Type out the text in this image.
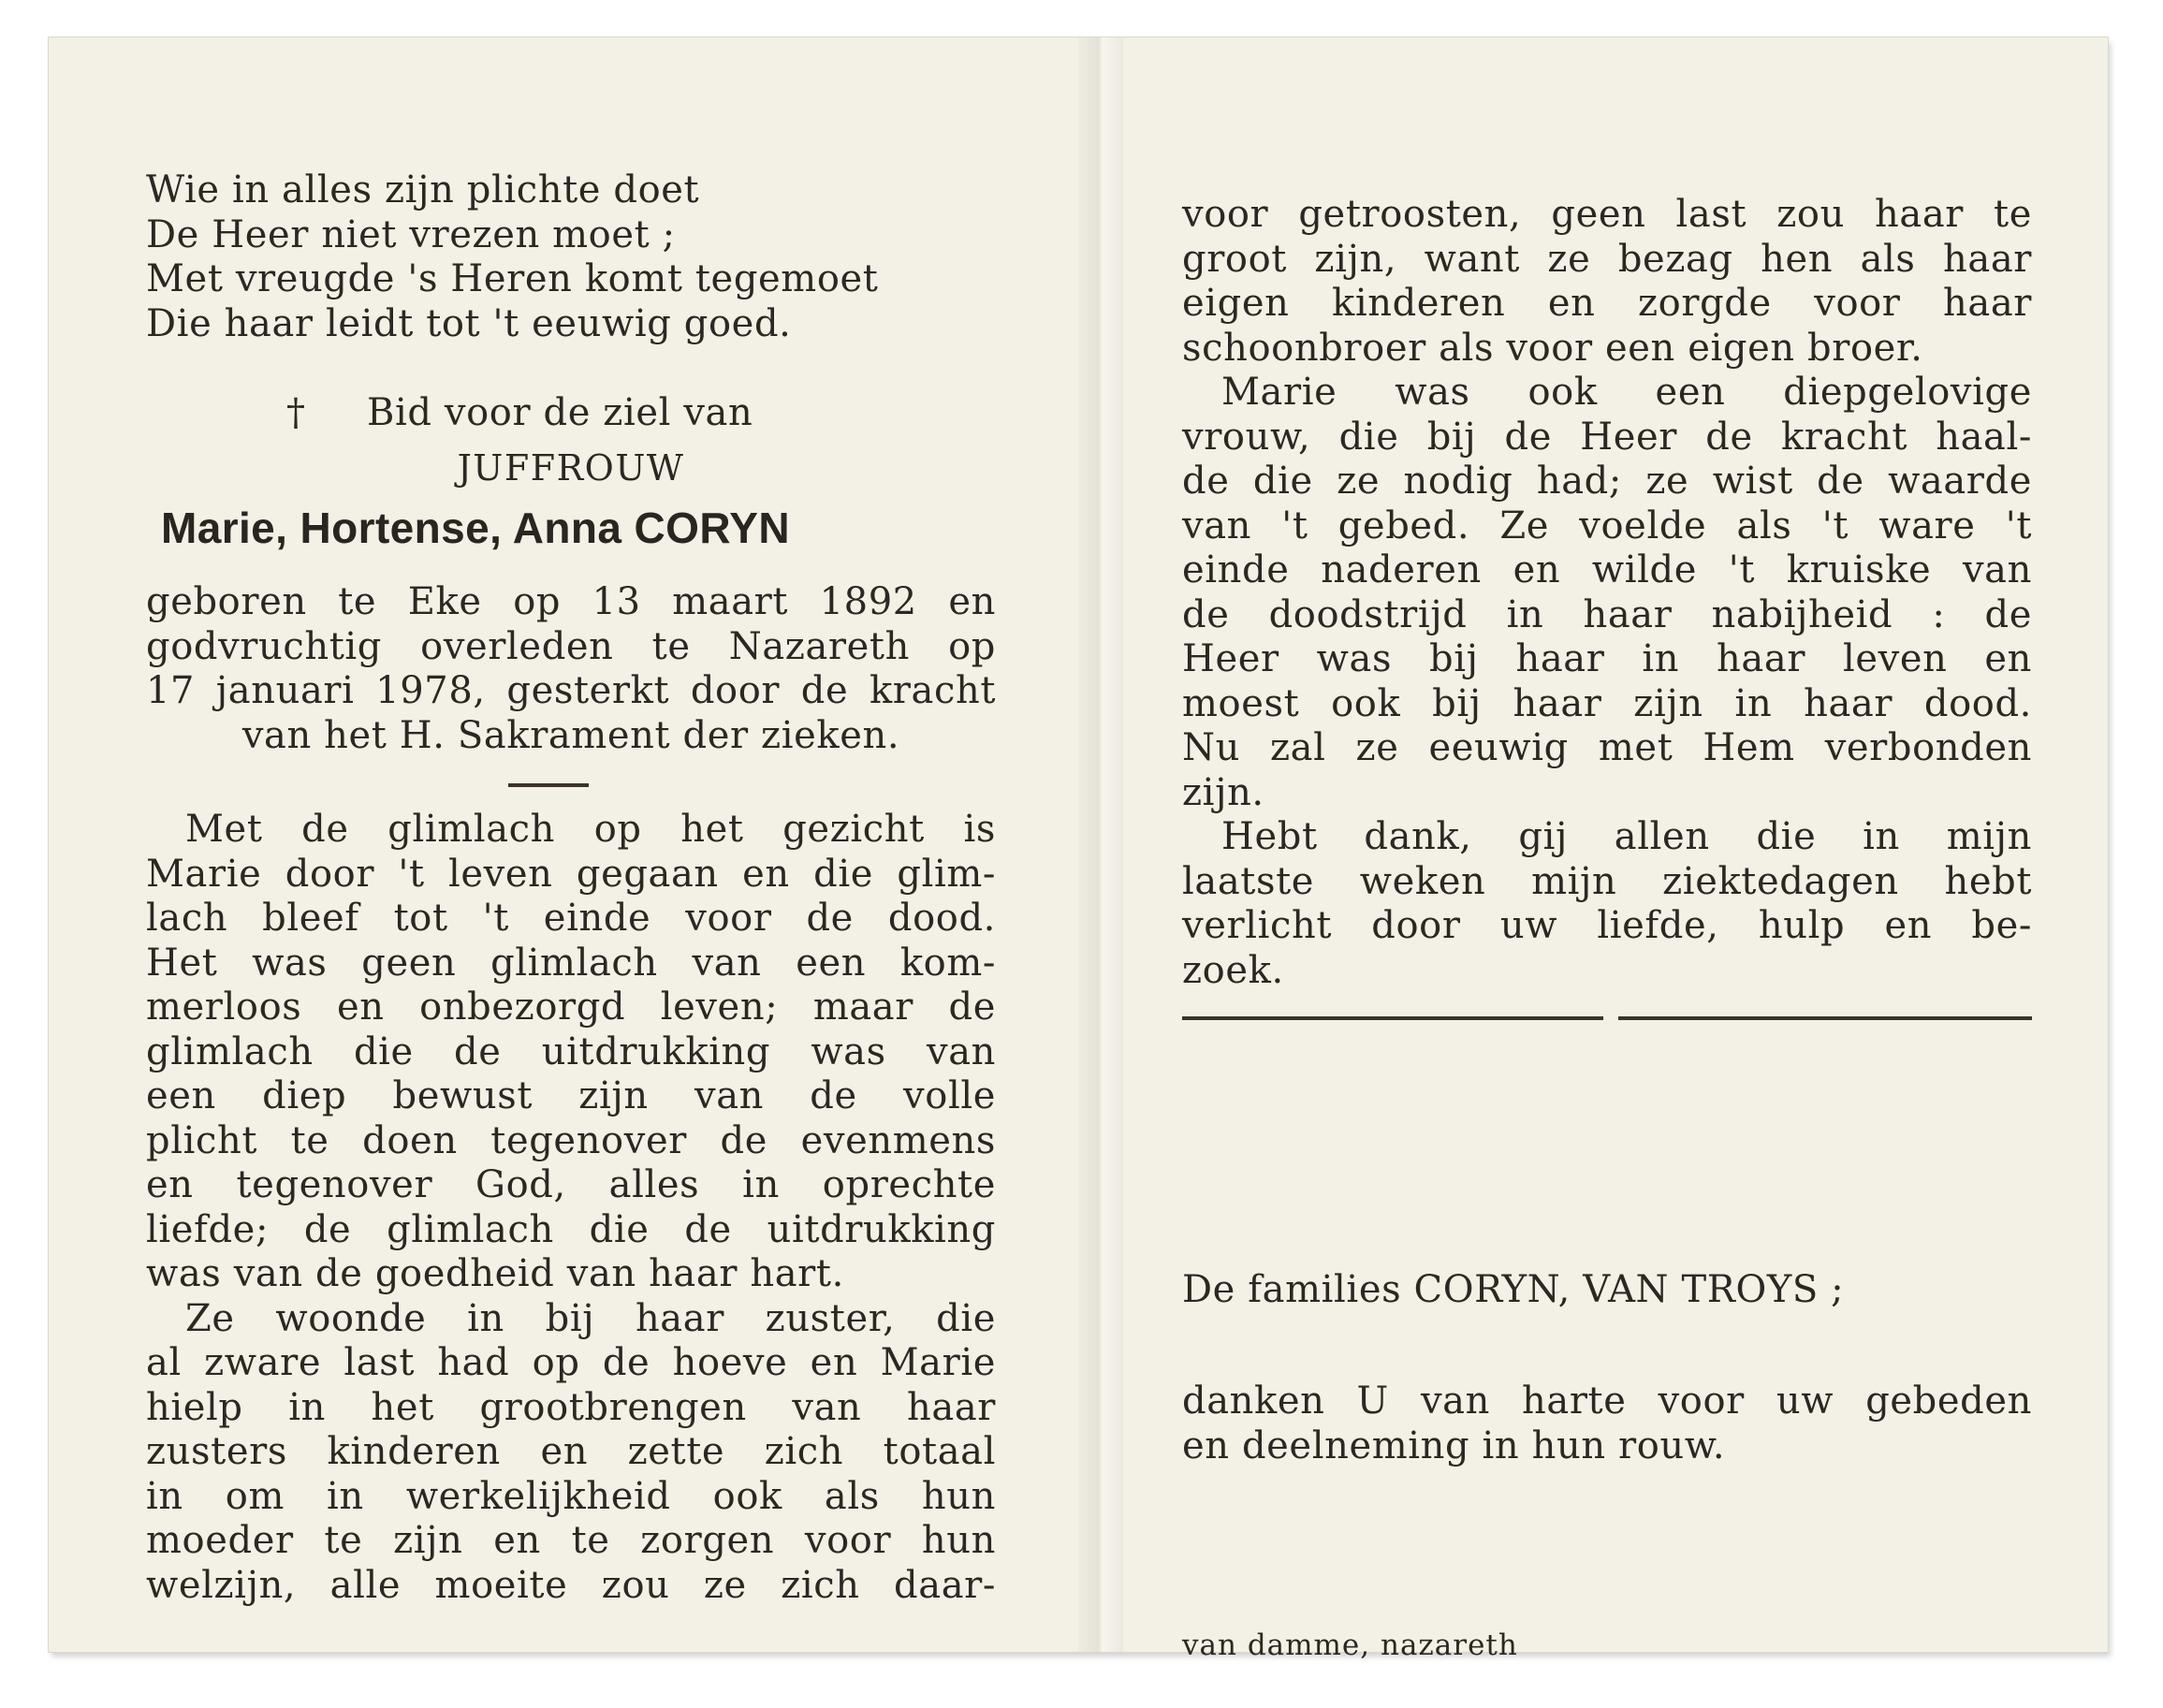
Wie in alles zijn plichte doet
De Heer niet vrezen moet ;
Met vreugde 's Heren komt tegemoet
Die haar leidt tot 't eeuwig goed.
† Bid voor de ziel van
JUFFROUW
Marie, Hortense, Anna CORYN
geboren te Eke op 13 maart 1892 en
godvruchtig overleden te Nazareth op
17 januari 1978, gesterkt door de kracht
van het H. Sakrament der zieken.
Met de glimlach op het gezicht is
Marie door 't leven gegaan en die glim-
lach bleef tot 't einde voor de dood.
Het was geen glimlach van een kom-
merloos en onbezorgd leven; maar de
glimlach die de uitdrukking was van
een diep bewust zijn van de volle
plicht te doen tegenover de evenmens
en tegenover God, alles in oprechte
liefde; de glimlach die de uitdrukking
was van de goedheid van haar hart.
Ze woonde in bij haar zuster, die
al zware last had op de hoeve en Marie
hielp in het grootbrengen van haar
zusters kinderen en zette zich totaal
in om in werkelijkheid ook als hun
moeder te zijn en te zorgen voor hun
welzijn, alle moeite zou ze zich daar-
voor getroosten, geen last zou haar te
groot zijn, want ze bezag hen als haar
eigen kinderen en zorgde voor haar
schoonbroer als voor een eigen broer.
Marie was ook een diepgelovige
vrouw, die bij de Heer de kracht haal-
de die ze nodig had; ze wist de waarde
van 't gebed. Ze voelde als 't ware 't
einde naderen en wilde 't kruiske van
de doodstrijd in haar nabijheid : de
Heer was bij haar in haar leven en
moest ook bij haar zijn in haar dood.
Nu zal ze eeuwig met Hem verbonden
zijn.
Hebt dank, gij allen die in mijn
laatste weken mijn ziektedagen hebt
verlicht door uw liefde, hulp en be-
zoek.
De families CORYN, VAN TROYS ;
danken U van harte voor uw gebeden
en deelneming in hun rouw.
van damme, nazareth
